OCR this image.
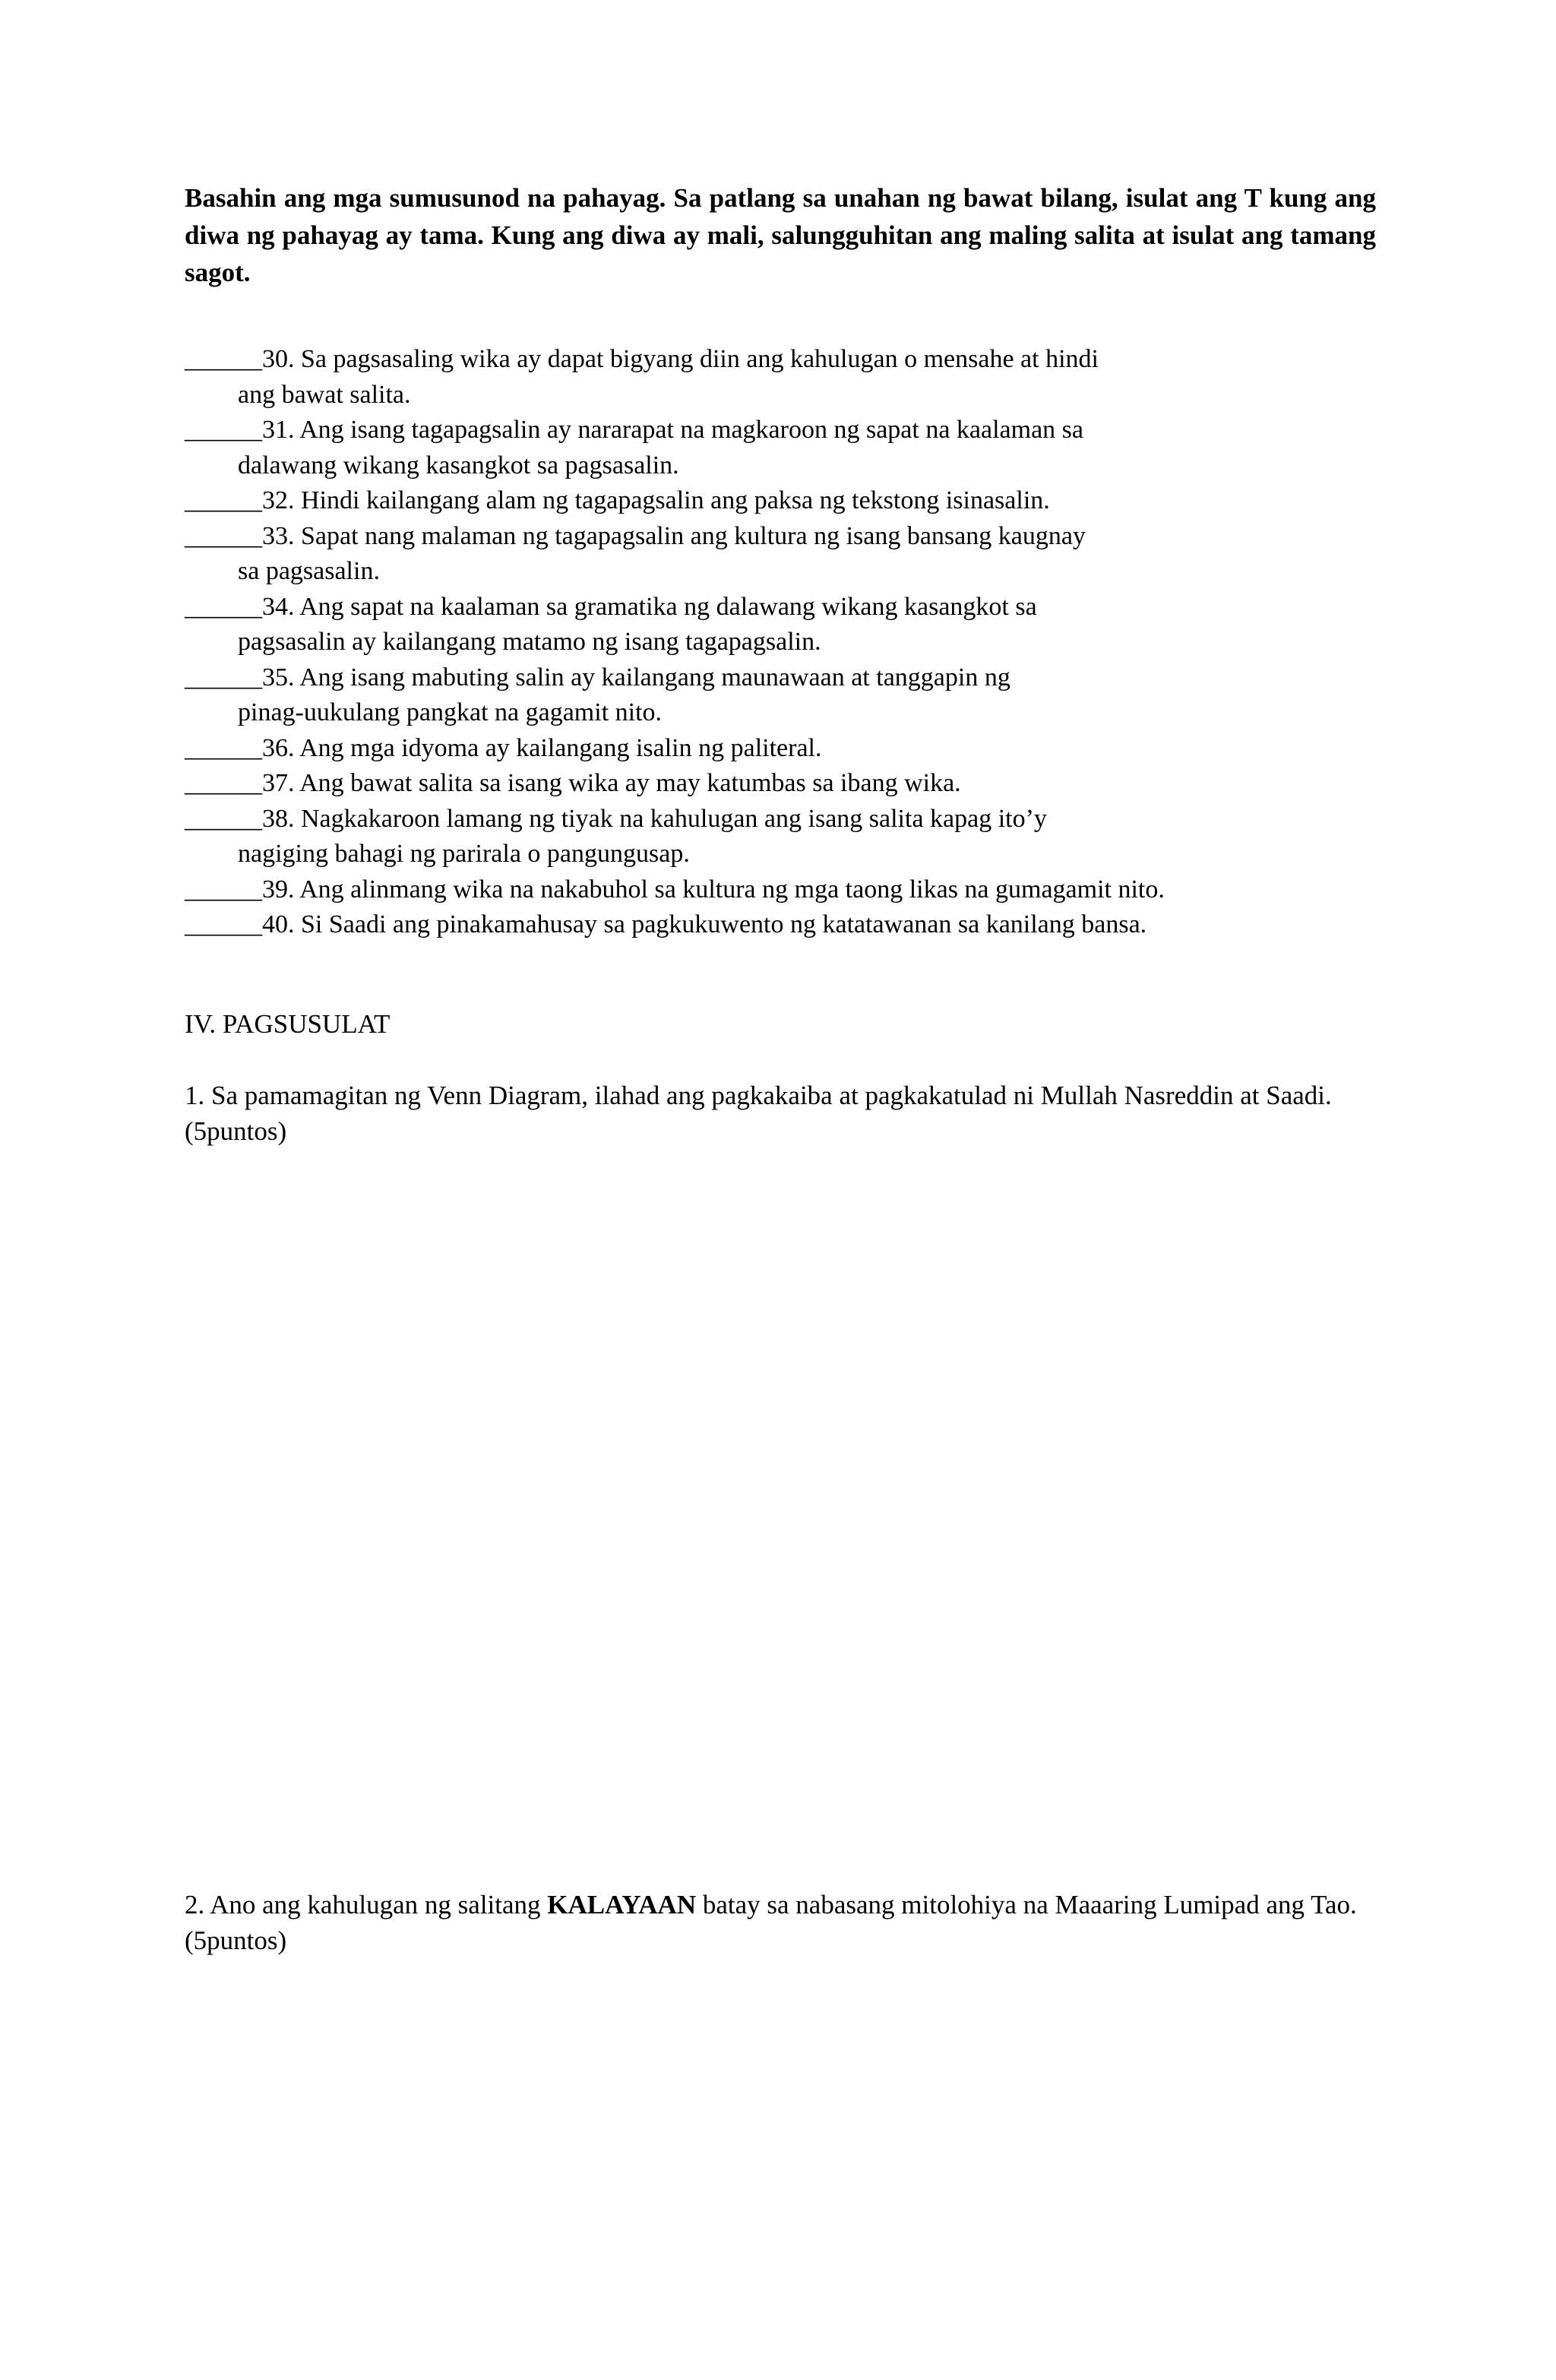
Basahin ang mga sumusunod na pahayag. Sa patlang sa unahan ng bawat bilang, isulat ang T kung ang diwa ng pahayag ay tama. Kung ang diwa ay mali, salungguhitan ang maling salita at isulat ang tamang sagot.

______30. Sa pagsasaling wika ay dapat bigyang diin ang kahulugan o mensahe at hindi
ang bawat salita.
______31. Ang isang tagapagsalin ay nararapat na magkaroon ng sapat na kaalaman sa
dalawang wikang kasangkot sa pagsasalin.
______32. Hindi kailangang alam ng tagapagsalin ang paksa ng tekstong isinasalin.
______33. Sapat nang malaman ng tagapagsalin ang kultura ng isang bansang kaugnay
sa pagsasalin.
______34. Ang sapat na kaalaman sa gramatika ng dalawang wikang kasangkot sa
pagsasalin ay kailangang matamo ng isang tagapagsalin.
______35. Ang isang mabuting salin ay kailangang maunawaan at tanggapin ng
pinag-uukulang pangkat na gagamit nito.
______36. Ang mga idyoma ay kailangang isalin ng paliteral.
______37. Ang bawat salita sa isang wika ay may katumbas sa ibang wika.
______38. Nagkakaroon lamang ng tiyak na kahulugan ang isang salita kapag ito’y
nagiging bahagi ng parirala o pangungusap.
______39. Ang alinmang wika na nakabuhol sa kultura ng mga taong likas na gumagamit nito.
______40. Si Saadi ang pinakamahusay sa pagkukuwento ng katatawanan sa kanilang bansa.
IV. PAGSUSULAT

1. Sa pamamagitan ng Venn Diagram, ilahad ang pagkakaiba at pagkakatulad ni Mullah Nasreddin at Saadi. (5puntos)

2. Ano ang kahulugan ng salitang KALAYAAN batay sa nabasang mitolohiya na Maaaring Lumipad ang Tao. (5puntos)
